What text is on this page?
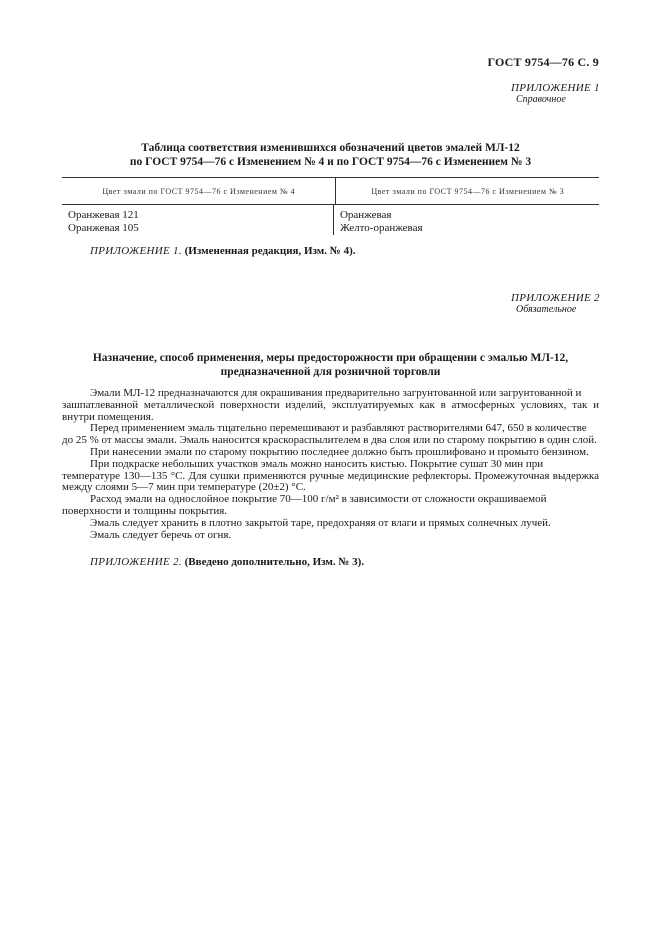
ГОСТ 9754—76 С. 9
ПРИЛОЖЕНИЕ 1
Справочное
Таблица соответствия изменившихся обозначений цветов эмалей МЛ-12
по ГОСТ 9754—76 с Изменением № 4 и по ГОСТ 9754—76 с Изменением № 3
Цвет эмали по ГОСТ 9754—76 с Изменением № 4	Цвет эмали по ГОСТ 9754—76 с Изменением № 3
Оранжевая 121
Оранжевая 105
Оранжевая
Желто-оранжевая
ПРИЛОЖЕНИЕ 1. (Измененная редакция, Изм. № 4).
ПРИЛОЖЕНИЕ 2
Обязательное
Назначение, способ применения, меры предосторожности при обращении с эмалью МЛ-12,
предназначенной для розничной торговли

Эмали МЛ-12 предназначаются для окрашивания предварительно загрунтованной или загрунтованной и

зашпатлеванной металлической поверхности изделий, эксплуатируемых как в атмосферных условиях, так и внутри помещения.

Перед применением эмаль тщательно перемешивают и разбавляют растворителями 647, 650 в количестве

до 25 % от массы эмали. Эмаль наносится краскораспылителем в два слоя или по старому покрытию в один слой.

При нанесении эмали по старому покрытию последнее должно быть прошлифовано и промыто бензином.

При подкраске небольших участков эмаль можно наносить кистью. Покрытие сушат 30 мин при

температуре 130—135 °С. Для сушки применяются ручные медицинские рефлекторы. Промежуточная выдержка между слоями 5—7 мин при температуре (20±2) °С.

Расход эмали на однослойное покрытие 70—100 г/м² в зависимости от сложности окрашиваемой

поверхности и толщины покрытия.

Эмаль следует хранить в плотно закрытой таре, предохраняя от влаги и прямых солнечных лучей.

Эмаль следует беречь от огня.

ПРИЛОЖЕНИЕ 2. (Введено дополнительно, Изм. № 3).
